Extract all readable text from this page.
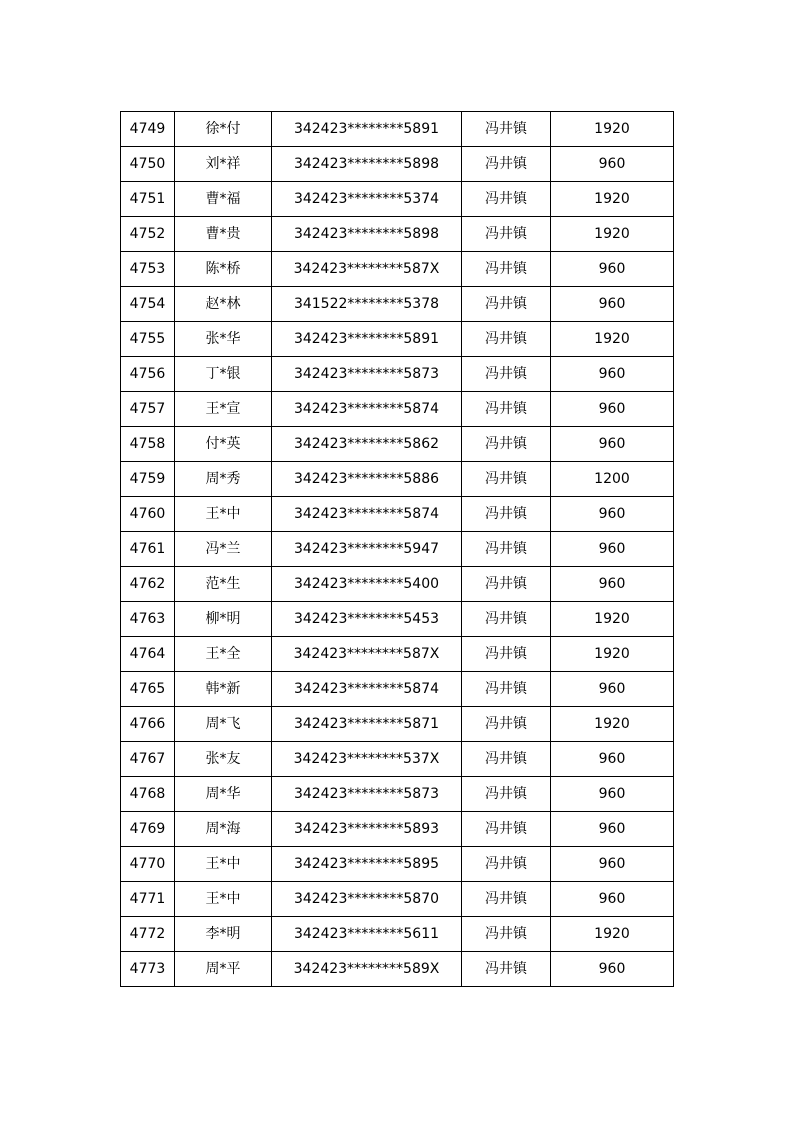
4749	徐*付	342423********5891	冯井镇	1920
4750	刘*祥	342423********5898	冯井镇	960
4751	曹*福	342423********5374	冯井镇	1920
4752	曹*贵	342423********5898	冯井镇	1920
4753	陈*桥	342423********587X	冯井镇	960
4754	赵*林	341522********5378	冯井镇	960
4755	张*华	342423********5891	冯井镇	1920
4756	丁*银	342423********5873	冯井镇	960
4757	王*宣	342423********5874	冯井镇	960
4758	付*英	342423********5862	冯井镇	960
4759	周*秀	342423********5886	冯井镇	1200
4760	王*中	342423********5874	冯井镇	960
4761	冯*兰	342423********5947	冯井镇	960
4762	范*生	342423********5400	冯井镇	960
4763	柳*明	342423********5453	冯井镇	1920
4764	王*全	342423********587X	冯井镇	1920
4765	韩*新	342423********5874	冯井镇	960
4766	周*飞	342423********5871	冯井镇	1920
4767	张*友	342423********537X	冯井镇	960
4768	周*华	342423********5873	冯井镇	960
4769	周*海	342423********5893	冯井镇	960
4770	王*中	342423********5895	冯井镇	960
4771	王*中	342423********5870	冯井镇	960
4772	李*明	342423********5611	冯井镇	1920
4773	周*平	342423********589X	冯井镇	960
